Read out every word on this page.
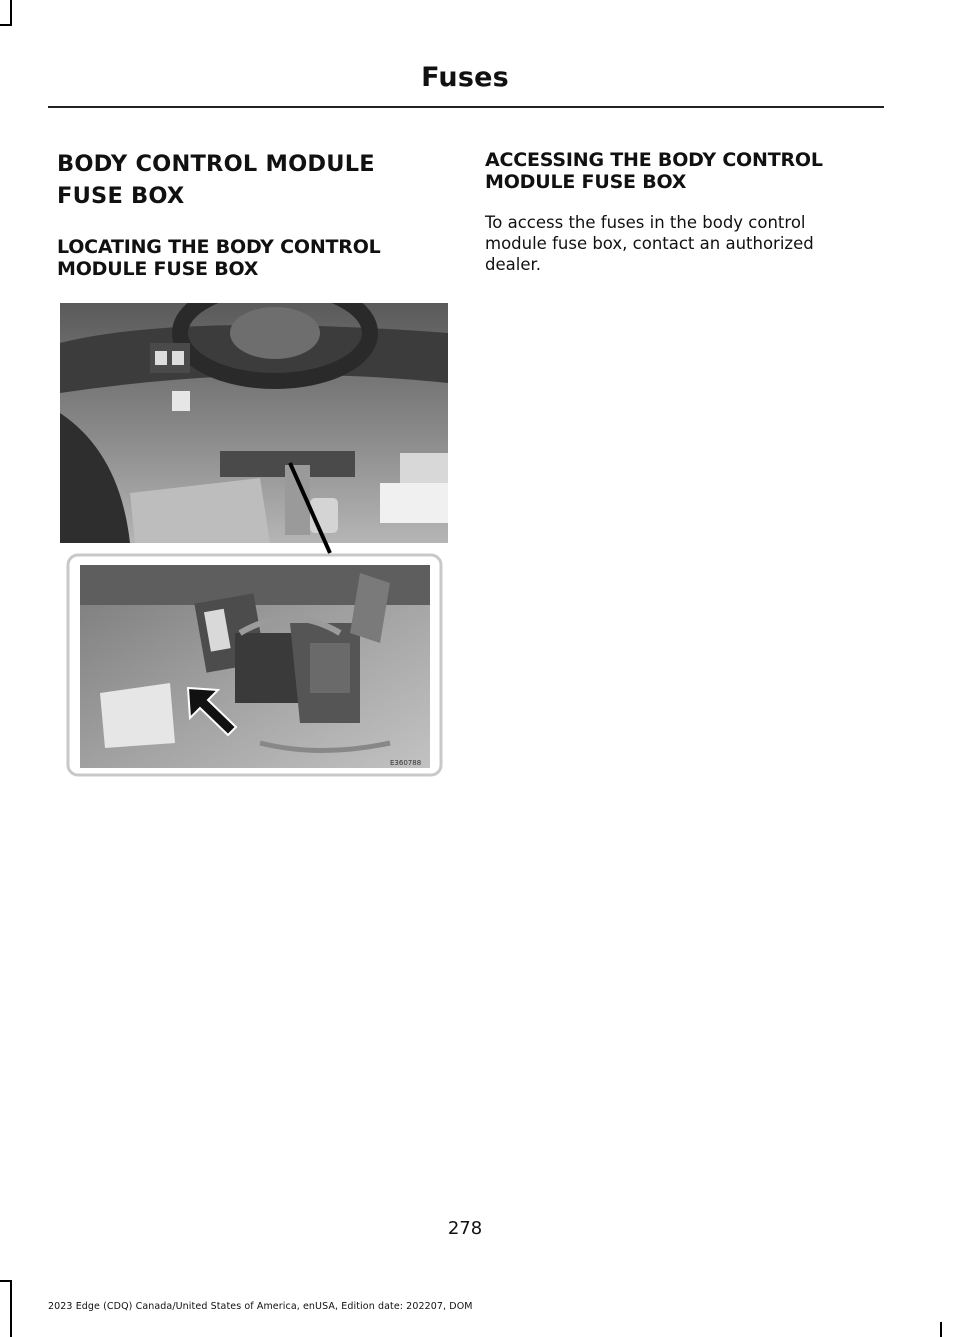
Fuses
BODY CONTROL MODULE
FUSE BOX
LOCATING THE BODY CONTROL MODULE FUSE BOX
E360788
ACCESSING THE BODY CONTROL MODULE FUSE BOX

To access the fuses in the body control module fuse box, contact an authorized dealer.

278
2023 Edge (CDQ) Canada/United States of America, enUSA, Edition date: 202207, DOM
